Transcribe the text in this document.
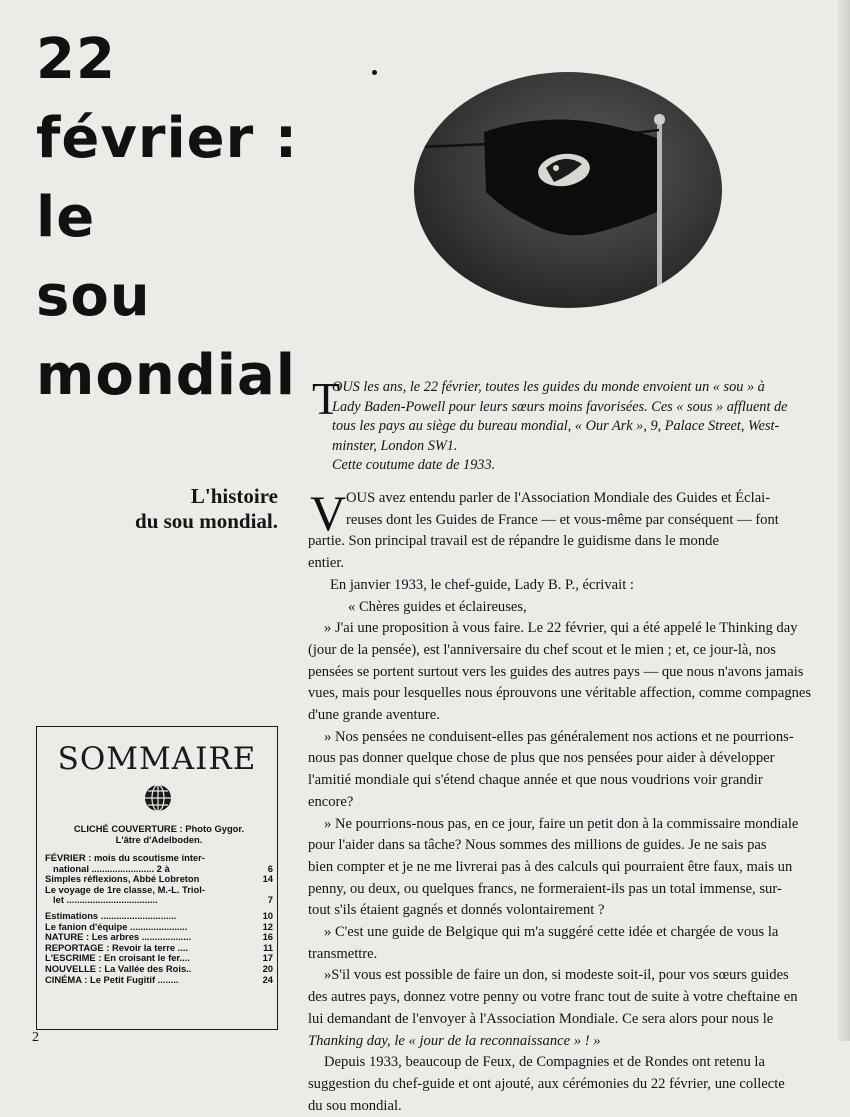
22
février :
le
sou
mondial
L'histoire
du sou mondial.
T
OUS les ans, le 22 février, toutes les guides du monde envoient un « sou » à
Lady Baden-Powell pour leurs sœurs moins favorisées. Ces « sous » affluent de
tous les pays au siège du bureau mondial, « Our Ark », 9, Palace Street, West-
minster, London SW1.
Cette coutume date de 1933.
V OUS avez entendu parler de l'Association Mondiale des Guides et Éclai-
reuses dont les Guides de France — et vous-même par conséquent — font
partie. Son principal travail est de répandre le guidisme dans le monde
entier.
En janvier 1933, le chef-guide, Lady B. P., écrivait :
« Chères guides et éclaireuses,
» J'ai une proposition à vous faire. Le 22 février, qui a été appelé le Thinking day
(jour de la pensée), est l'anniversaire du chef scout et le mien ; et, ce jour-là, nos
pensées se portent surtout vers les guides des autres pays — que nous n'avons jamais
vues, mais pour lesquelles nous éprouvons une véritable affection, comme compagnes
d'une grande aventure.
» Nos pensées ne conduisent-elles pas généralement nos actions et ne pourrions-
nous pas donner quelque chose de plus que nos pensées pour aider à développer
l'amitié mondiale qui s'étend chaque année et que nous voudrions voir grandir
encore?
» Ne pourrions-nous pas, en ce jour, faire un petit don à la commissaire mondiale
pour l'aider dans sa tâche? Nous sommes des millions de guides. Je ne sais pas
bien compter et je ne me livrerai pas à des calculs qui pourraient être faux, mais un
penny, ou deux, ou quelques francs, ne formeraient-ils pas un total immense, sur-
tout s'ils étaient gagnés et donnés volontairement ?
» C'est une guide de Belgique qui m'a suggéré cette idée et chargée de vous la
transmettre.
»S'il vous est possible de faire un don, si modeste soit-il, pour vos sœurs guides
des autres pays, donnez votre penny ou votre franc tout de suite à votre cheftaine en
lui demandant de l'envoyer à l'Association Mondiale. Ce sera alors pour nous le
Thanking day, le « jour de la reconnaissance » ! »
Depuis 1933, beaucoup de Feux, de Compagnies et de Rondes ont retenu la
suggestion du chef-guide et ont ajouté, aux cérémonies du 22 février, une collecte
du sou mondial.
SOMMAIRE
CLICHÉ COUVERTURE : Photo Gygor.
L'âtre d'Adelboden.
FÉVRIER : mois du scoutisme inter-
national ........................ 2 à	6
Simples réflexions, Abbé Lobreton	14
Le voyage de 1re classe, M.-L. Triol-
let ...................................	7
Estimations .............................	10
Le fanion d'équipe ......................	12
NATURE : Les arbres ...................	16
REPORTAGE : Revoir la terre ....	11
L'ESCRIME : En croisant le fer....	17
NOUVELLE : La Vallée des Rois..	20
CINÉMA : Le Petit Fugitif ........	24
2
